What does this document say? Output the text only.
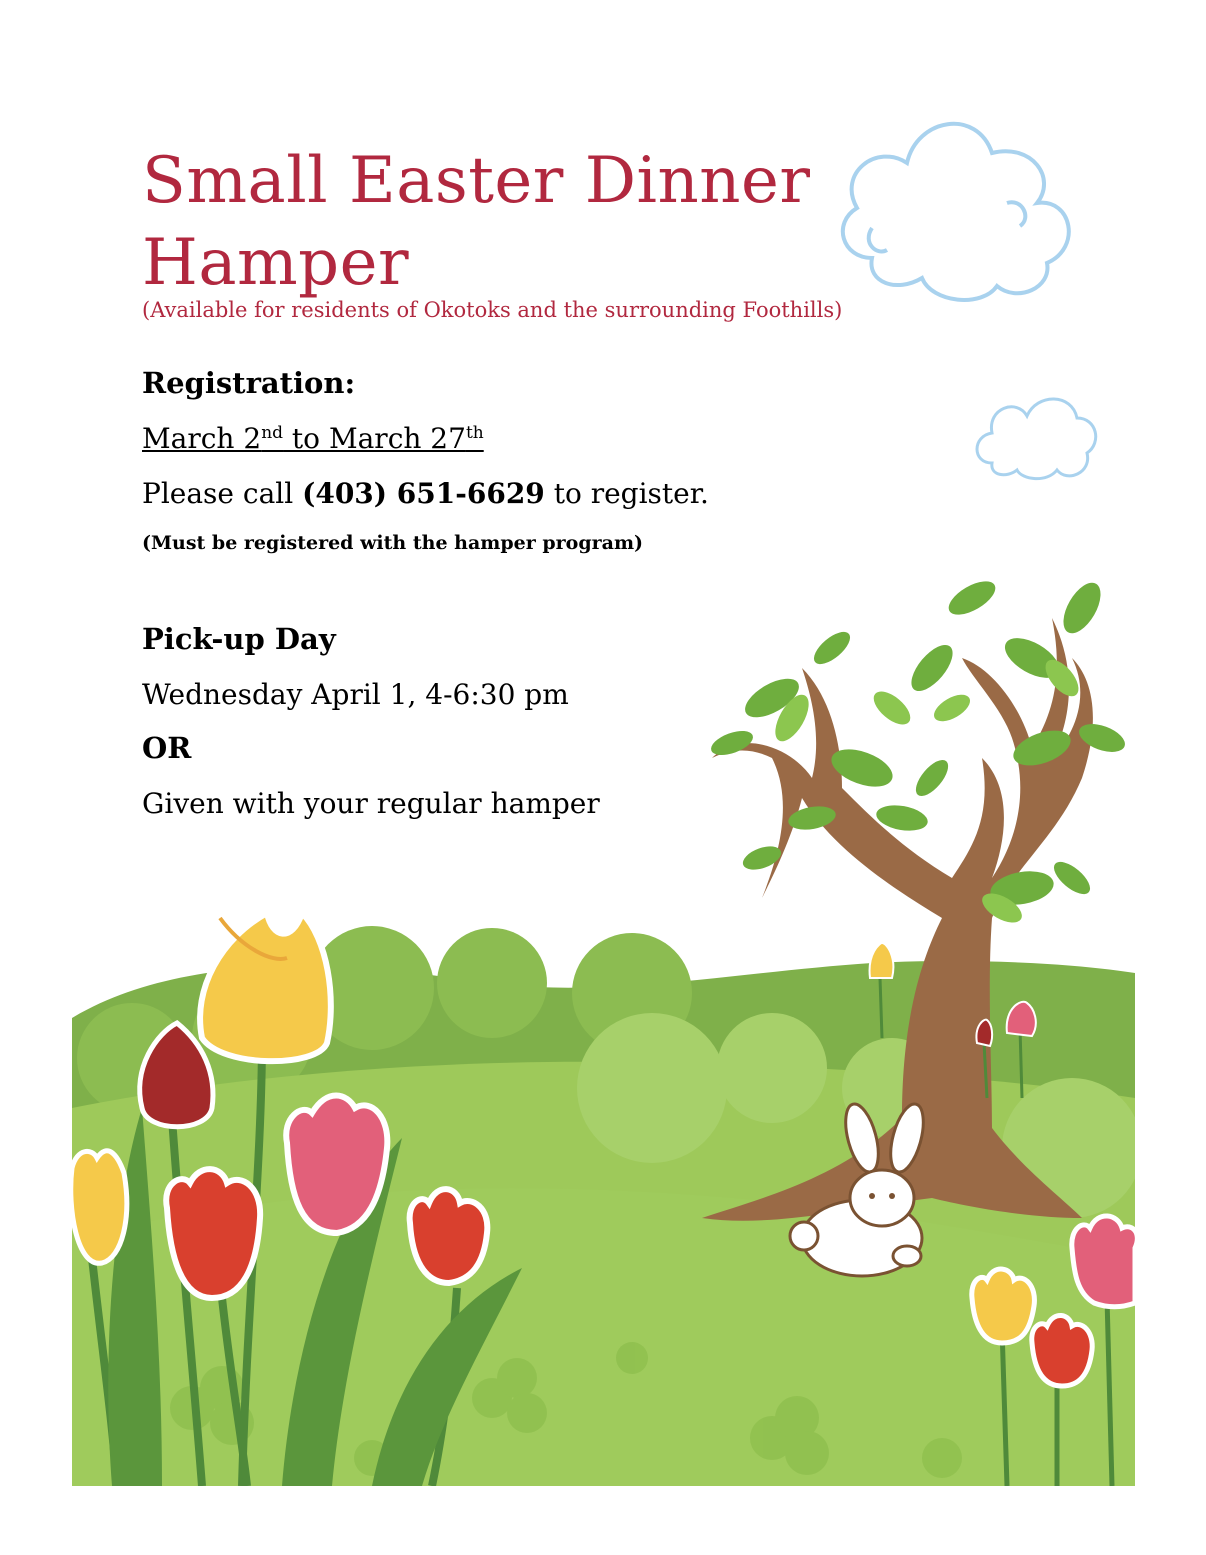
Small Easter Dinner Hamper
(Available for residents of Okotoks and the surrounding Foothills)
Registration:
March 2nd to March 27th
Please call (403) 651-6629 to register.
(Must be registered with the hamper program)
Pick-up Day
Wednesday April 1, 4-6:30 pm
OR
Given with your regular hamper
